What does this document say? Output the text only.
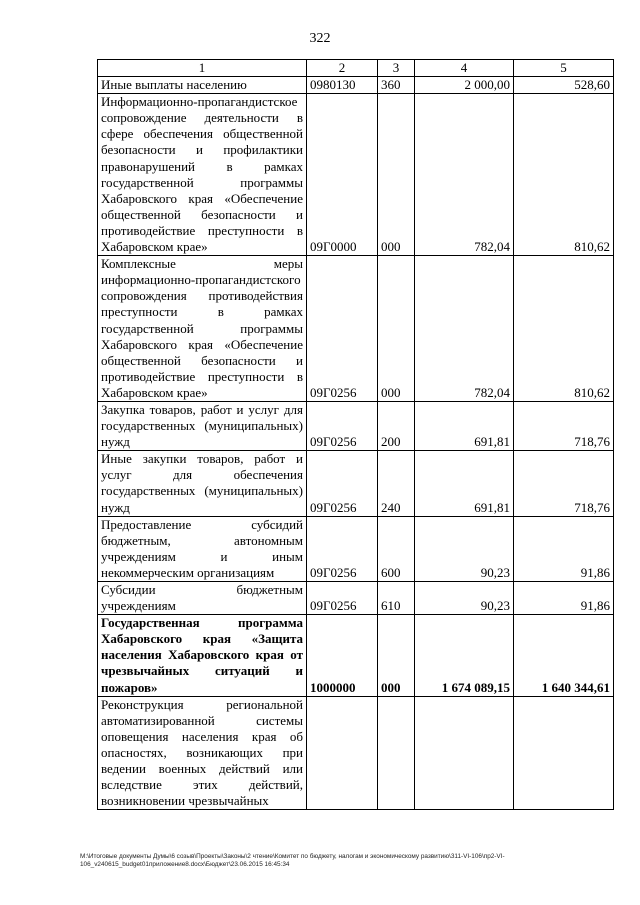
322
1	2	3	4	5
Иные выплаты населению	0980130	360	2 000,00	528,60
Информационно-пропагандистское сопровождение деятельности в сфере обеспечения общественной безопасности и профилактики правонарушений в рамках государственной программы Хабаровского края «Обеспечение общественной безопасности и противодействие преступности в Хабаровском крае»	09Г0000	000	782,04	810,62
Комплексные меры информационно-пропагандистского сопровождения противодействия преступности в рамках государственной программы Хабаровского края «Обеспечение общественной безопасности и противодействие преступности в Хабаровском крае»	09Г0256	000	782,04	810,62
Закупка товаров, работ и услуг для государственных (муниципальных) нужд	09Г0256	200	691,81	718,76
Иные закупки товаров, работ и услуг для обеспечения государственных (муниципальных) нужд	09Г0256	240	691,81	718,76
Предоставление субсидий бюджетным, автономным учреждениям и иным некоммерческим организациям	09Г0256	600	90,23	91,86
Субсидии бюджетным учреждениям	09Г0256	610	90,23	91,86
Государственная программа Хабаровского края «Защита населения Хабаровского края от чрезвычайных ситуаций и пожаров»	1000000	000	1 674 089,15	1 640 344,61
Реконструкция региональной автоматизированной системы оповещения населения края об опасностях, возникающих при ведении военных действий или вследствие этих действий, возникновении чрезвычайных				
М:\Итоговые документы Думы\6 созыв\Проекты\Законы\2 чтение\Комитет по бюджету, налогам и экономическому развитию\311-VI-106\пр2-VI-106_v240615_budget01приложение8.docx\Бюджет\23.06.2015 16:45:34
